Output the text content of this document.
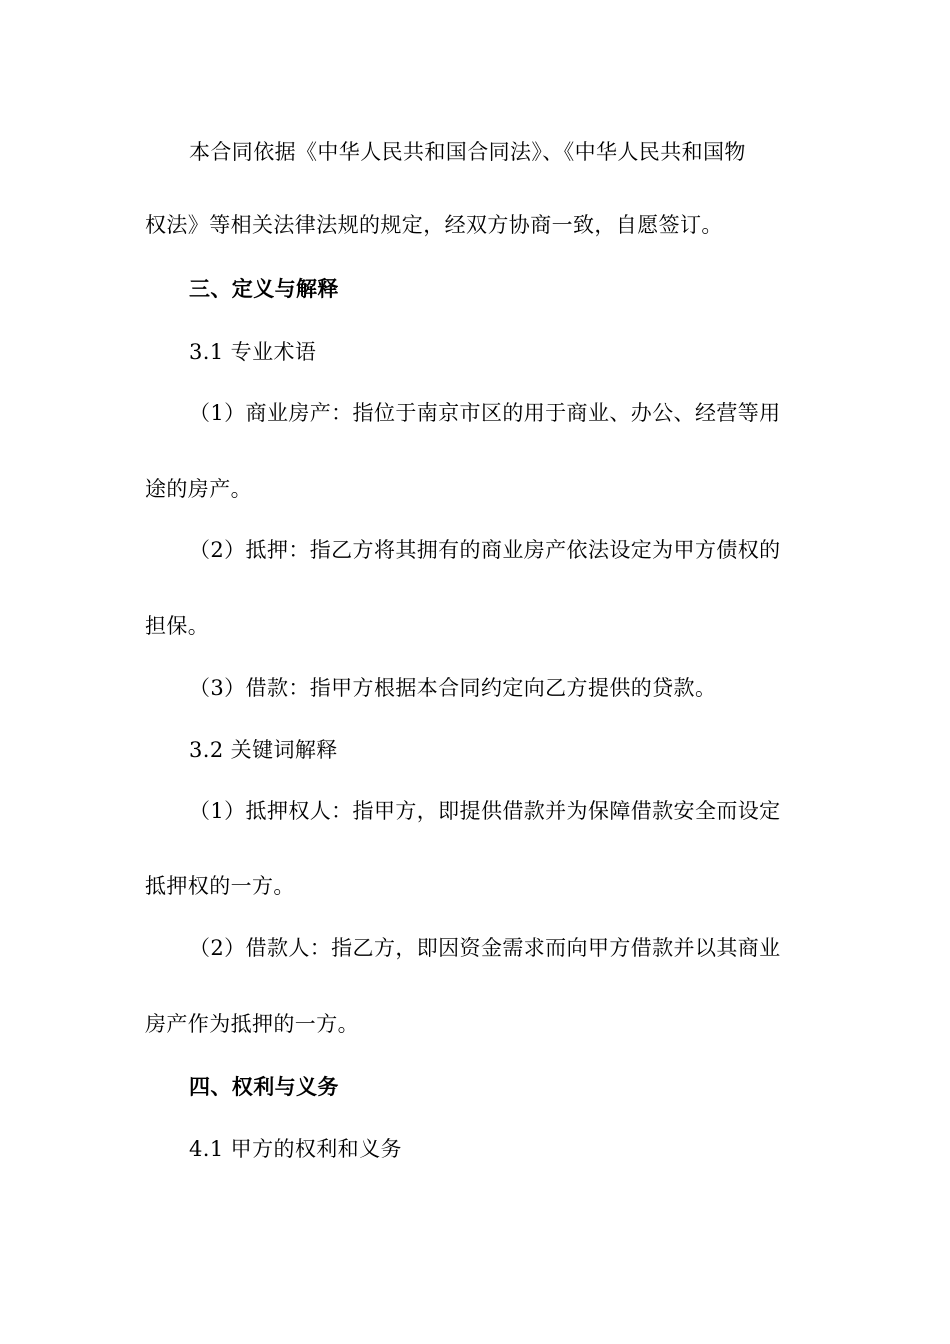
本合同依据《中华人民共和国合同法》、《中华人民共和国物
权法》等相关法律法规的规定，经双方协商一致，自愿签订。
三、定义与解释
3.1 专业术语
（1）商业房产：指位于南京市区的用于商业、办公、经营等用
途的房产。
（2）抵押：指乙方将其拥有的商业房产依法设定为甲方债权的
担保。
（3）借款：指甲方根据本合同约定向乙方提供的贷款。
3.2 关键词解释
（1）抵押权人：指甲方，即提供借款并为保障借款安全而设定
抵押权的一方。
（2）借款人：指乙方，即因资金需求而向甲方借款并以其商业
房产作为抵押的一方。
四、权利与义务
4.1 甲方的权利和义务
